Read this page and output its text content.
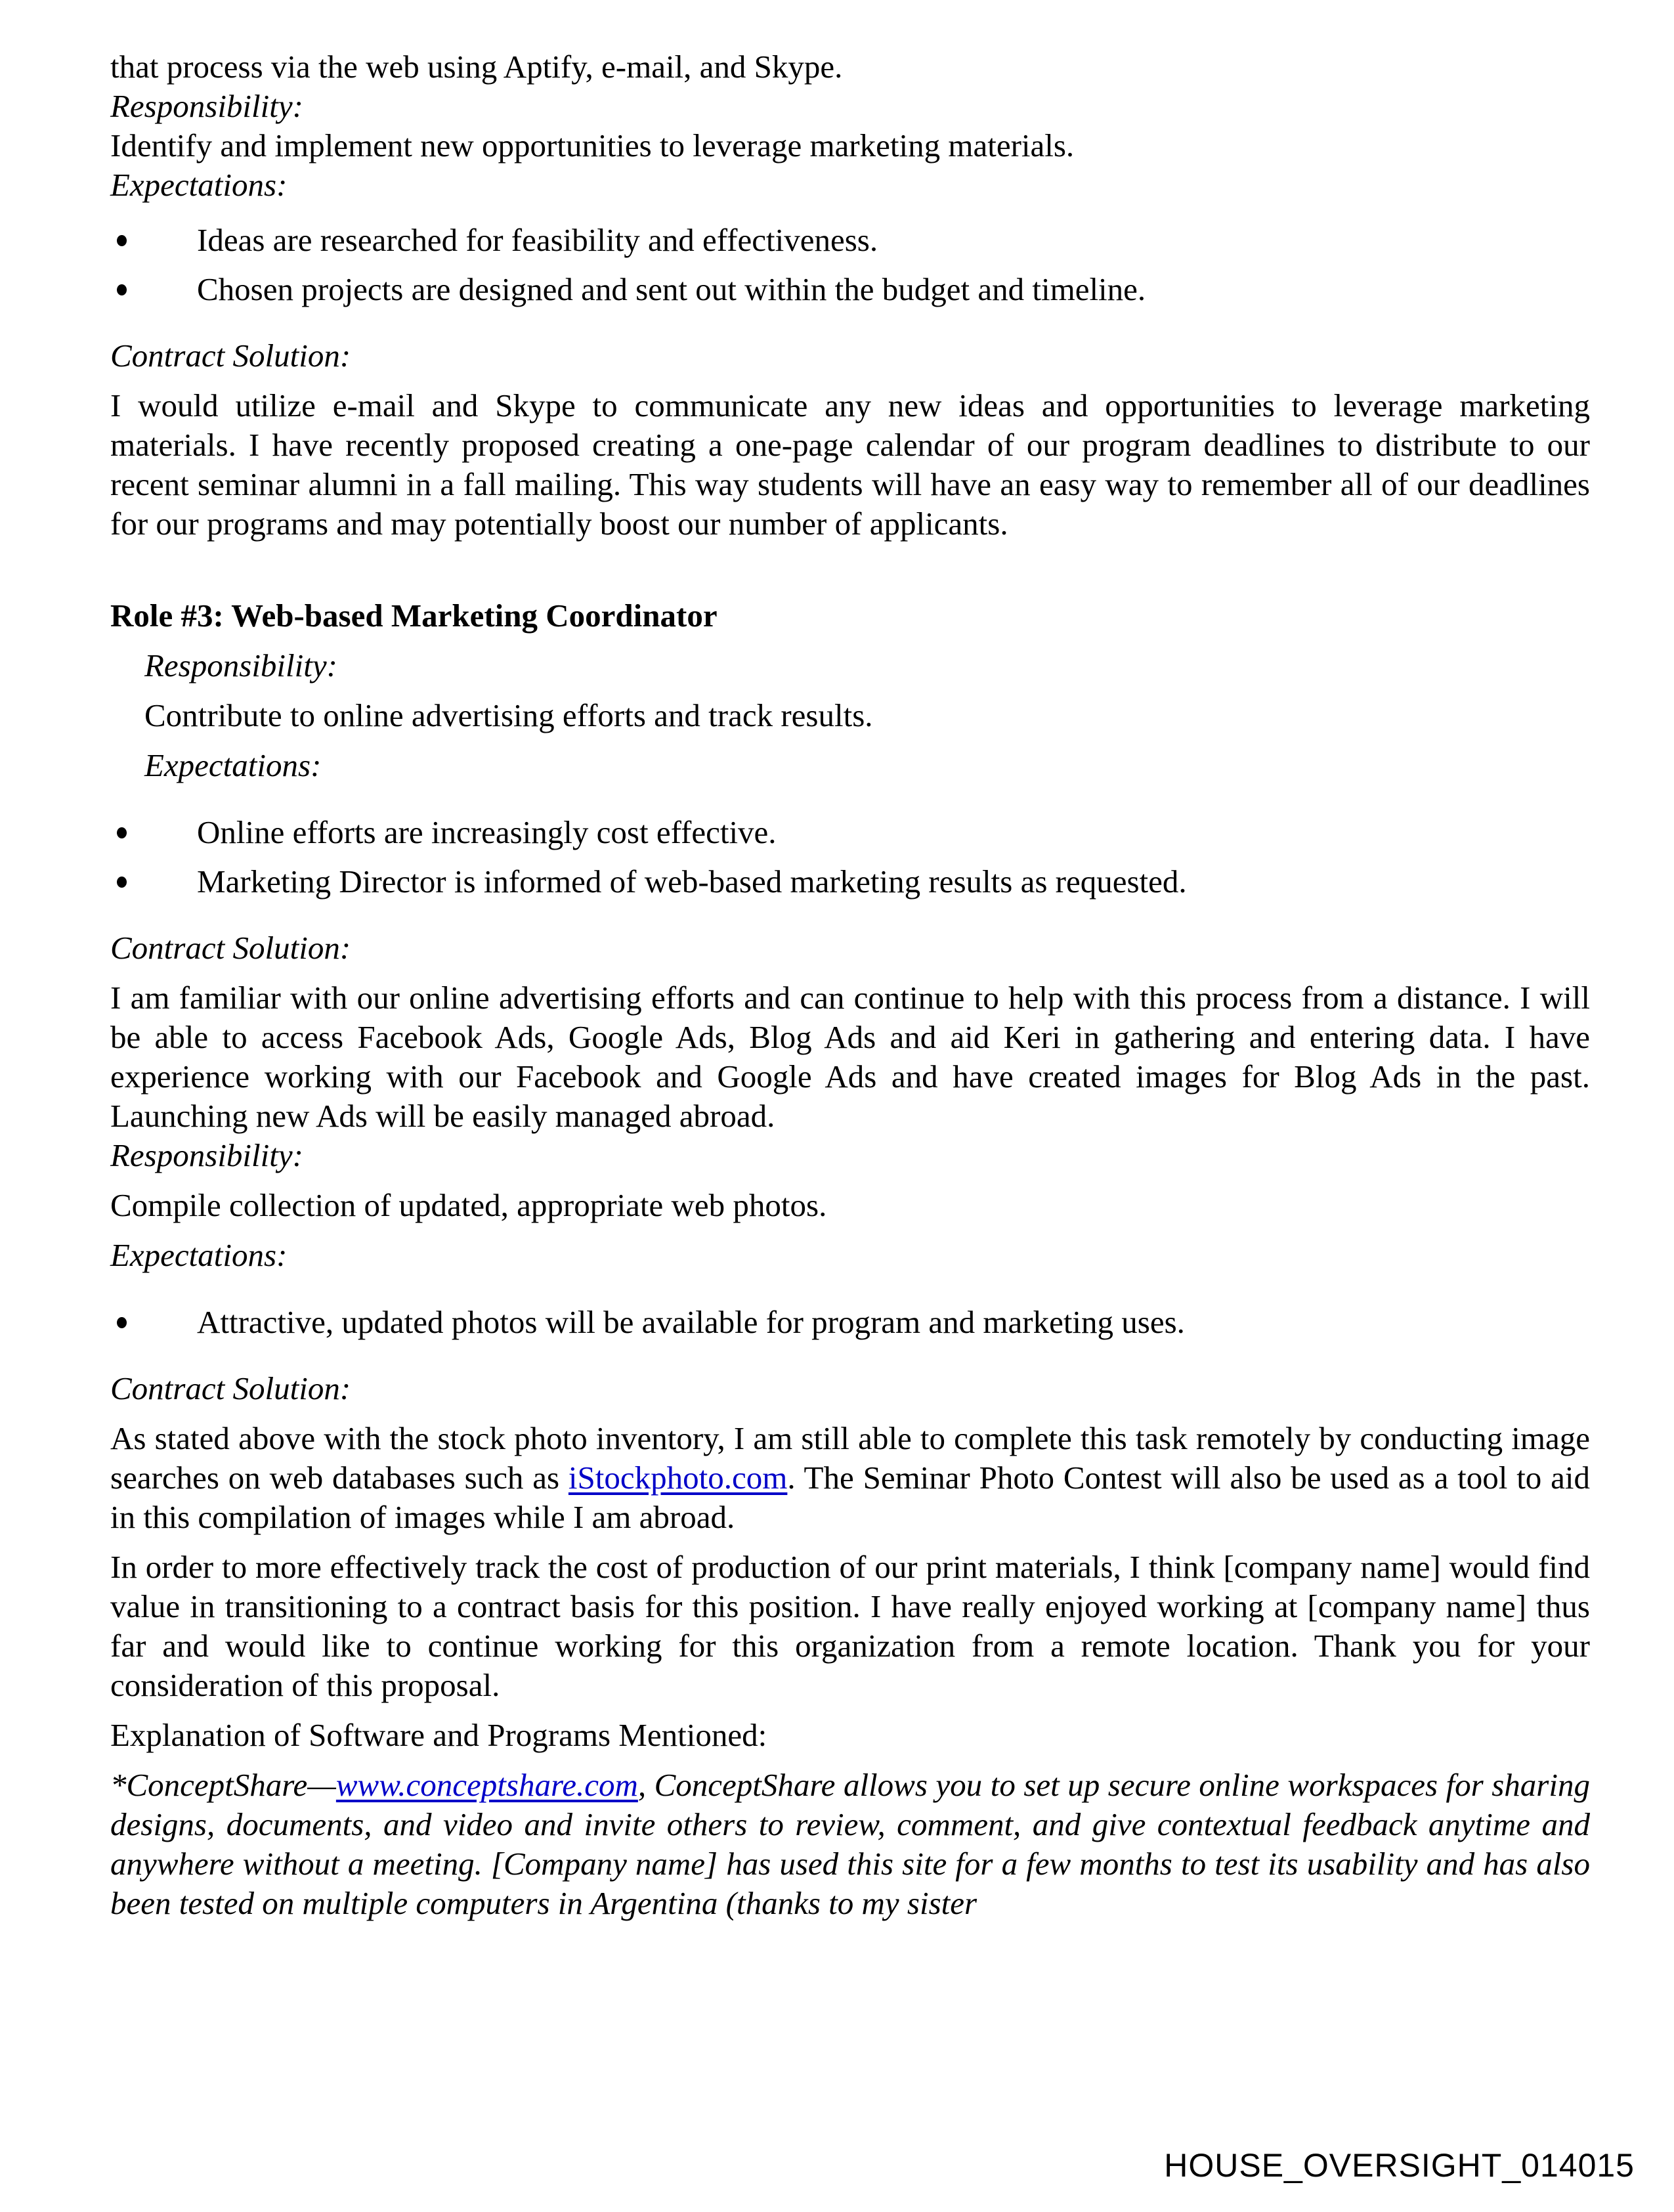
that process via the web using Aptify, e-mail, and Skype.

Responsibility:

Identify and implement new opportunities to leverage marketing materials.

Expectations:

Ideas are researched for feasibility and effectiveness.
Chosen projects are designed and sent out within the budget and timeline.

Contract Solution:

I would utilize e-mail and Skype to communicate any new ideas and opportunities to leverage marketing materials. I have recently proposed creating a one-page calendar of our program deadlines to distribute to our recent seminar alumni in a fall mailing. This way students will have an easy way to remember all of our deadlines for our programs and may potentially boost our number of applicants.

Role #3: Web-based Marketing Coordinator

Responsibility:

Contribute to online advertising efforts and track results.

Expectations:

Online efforts are increasingly cost effective.
Marketing Director is informed of web-based marketing results as requested.

Contract Solution:

I am familiar with our online advertising efforts and can continue to help with this process from a distance. I will be able to access Facebook Ads, Google Ads, Blog Ads and aid Keri in gathering and entering data. I have experience working with our Facebook and Google Ads and have created images for Blog Ads in the past. Launching new Ads will be easily managed abroad.

Responsibility:

Compile collection of updated, appropriate web photos.

Expectations:

Attractive, updated photos will be available for program and marketing uses.

Contract Solution:

As stated above with the stock photo inventory, I am still able to complete this task remotely by conducting image searches on web databases such as iStockphoto.com. The Seminar Photo Contest will also be used as a tool to aid in this compilation of images while I am abroad.

In order to more effectively track the cost of production of our print materials, I think [company name] would find value in transitioning to a contract basis for this position. I have really enjoyed working at [company name] thus far and would like to continue working for this organization from a remote location. Thank you for your consideration of this proposal.

Explanation of Software and Programs Mentioned:

*ConceptShare—www.conceptshare.com, ConceptShare allows you to set up secure online workspaces for sharing designs, documents, and video and invite others to review, comment, and give contextual feedback anytime and anywhere without a meeting. [Company name] has used this site for a few months to test its usability and has also been tested on multiple computers in Argentina (thanks to my sister

HOUSE_OVERSIGHT_014015
